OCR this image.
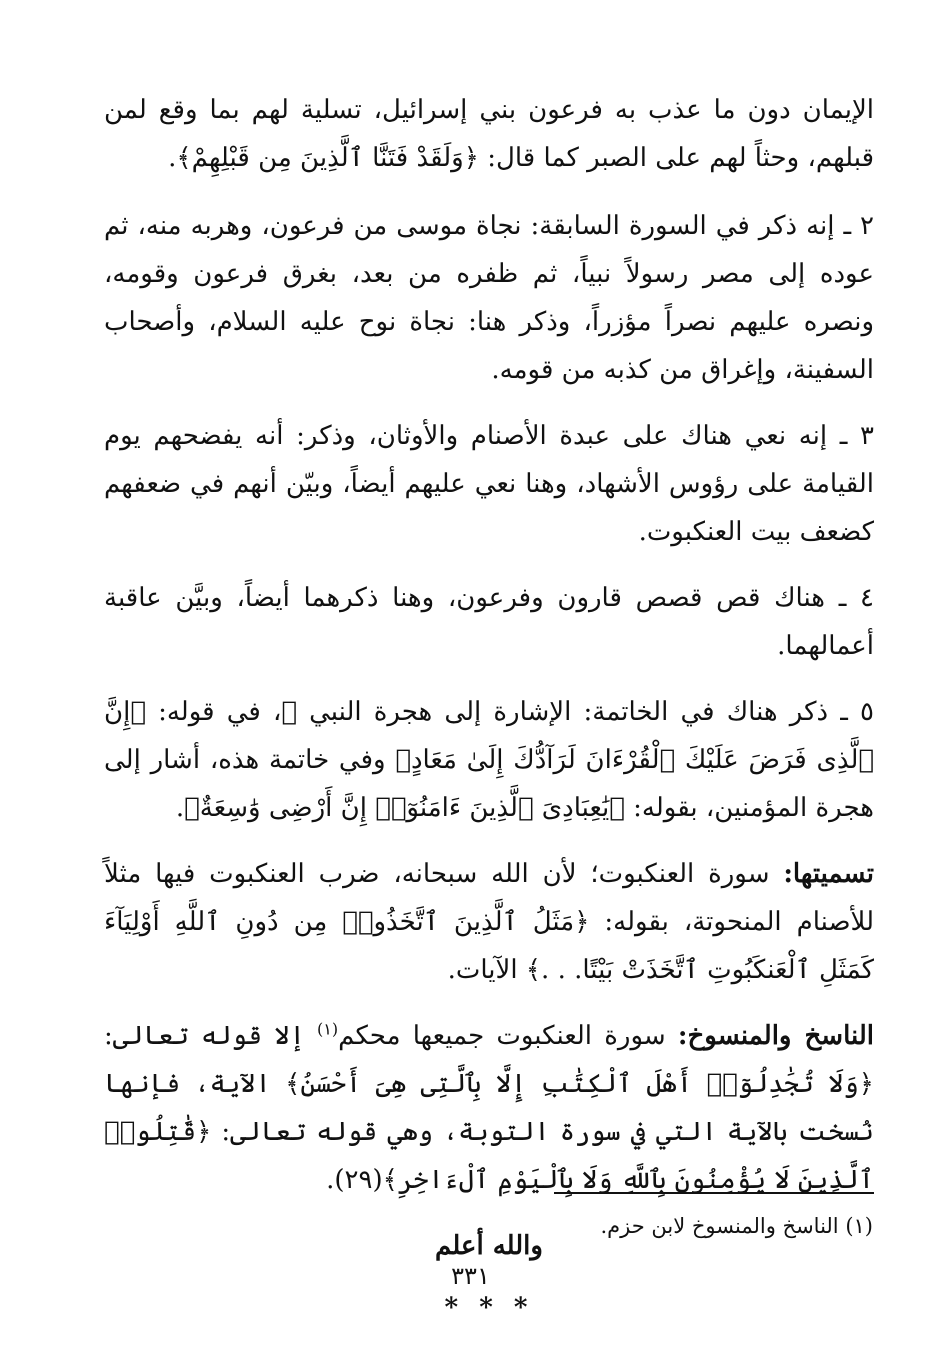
الإيمان دون ما عذب به فرعون بني إسرائيل، تسلية لهم بما وقع لمن قبلهم، وحثاً لهم على الصبر كما قال: ﴿وَلَقَدْ فَتَنَّا ٱلَّذِينَ مِن قَبْلِهِمْ﴾.

٢ ـ إنه ذكر في السورة السابقة: نجاة موسى من فرعون، وهربه منه، ثم عوده إلى مصر رسولاً نبياً، ثم ظفره من بعد، بغرق فرعون وقومه، ونصره عليهم نصراً مؤزراً، وذكر هنا: نجاة نوح عليه السلام، وأصحاب السفينة، وإغراق من كذبه من قومه.

٣ ـ إنه نعي هناك على عبدة الأصنام والأوثان، وذكر: أنه يفضحهم يوم القيامة على رؤوس الأشهاد، وهنا نعي عليهم أيضاً، وبيّن أنهم في ضعفهم كضعف بيت العنكبوت.

٤ ـ هناك قص قصص قارون وفرعون، وهنا ذكرهما أيضاً، وبيَّن عاقبة أعمالهما.

٥ ـ ذكر هناك في الخاتمة: الإشارة إلى هجرة النبي ﷺ، في قوله: ﴿إِنَّ ٱلَّذِى فَرَضَ عَلَيْكَ ٱلْقُرْءَانَ لَرَآدُّكَ إِلَىٰ مَعَادٍ﴾ وفي خاتمة هذه، أشار إلى هجرة المؤمنين، بقوله: ﴿يَٰعِبَادِىَ ٱلَّذِينَ ءَامَنُوٓا۟ إِنَّ أَرْضِى وَٰسِعَةٌ﴾.

تسميتها: سورة العنكبوت؛ لأن الله سبحانه، ضرب العنكبوت فيها مثلاً للأصنام المنحوتة، بقوله: ﴿مَثَلُ ٱلَّذِينَ ٱتَّخَذُوا۟ مِن دُونِ ٱللَّهِ أَوْلِيَآءَ كَمَثَلِ ٱلْعَنكَبُوتِ ٱتَّخَذَتْ بَيْتًا. . .﴾ الآيات.

الناسخ والمنسوخ: سورة العنكبوت جميعها محكم$^{(١)}$ إلا قوله تعالى: ﴿وَلَا تُجَٰدِلُوٓا۟ أَهْلَ ٱلْكِتَٰبِ إِلَّا بِٱلَّتِى هِىَ أَحْسَنُ﴾ الآية، فإنها نُسخت بالآية التي في سورة التوبة، وهي قوله تعالى: ﴿قَٰتِلُوا۟ ٱلَّذِينَ لَا يُؤْمِنُونَ بِٱللَّهِ وَلَا بِٱلْيَوْمِ ٱلْءَاخِرِ﴾(٢٩).

والله أعلم
* * *
(١) الناسخ والمنسوخ لابن حزم.
٣٣١
